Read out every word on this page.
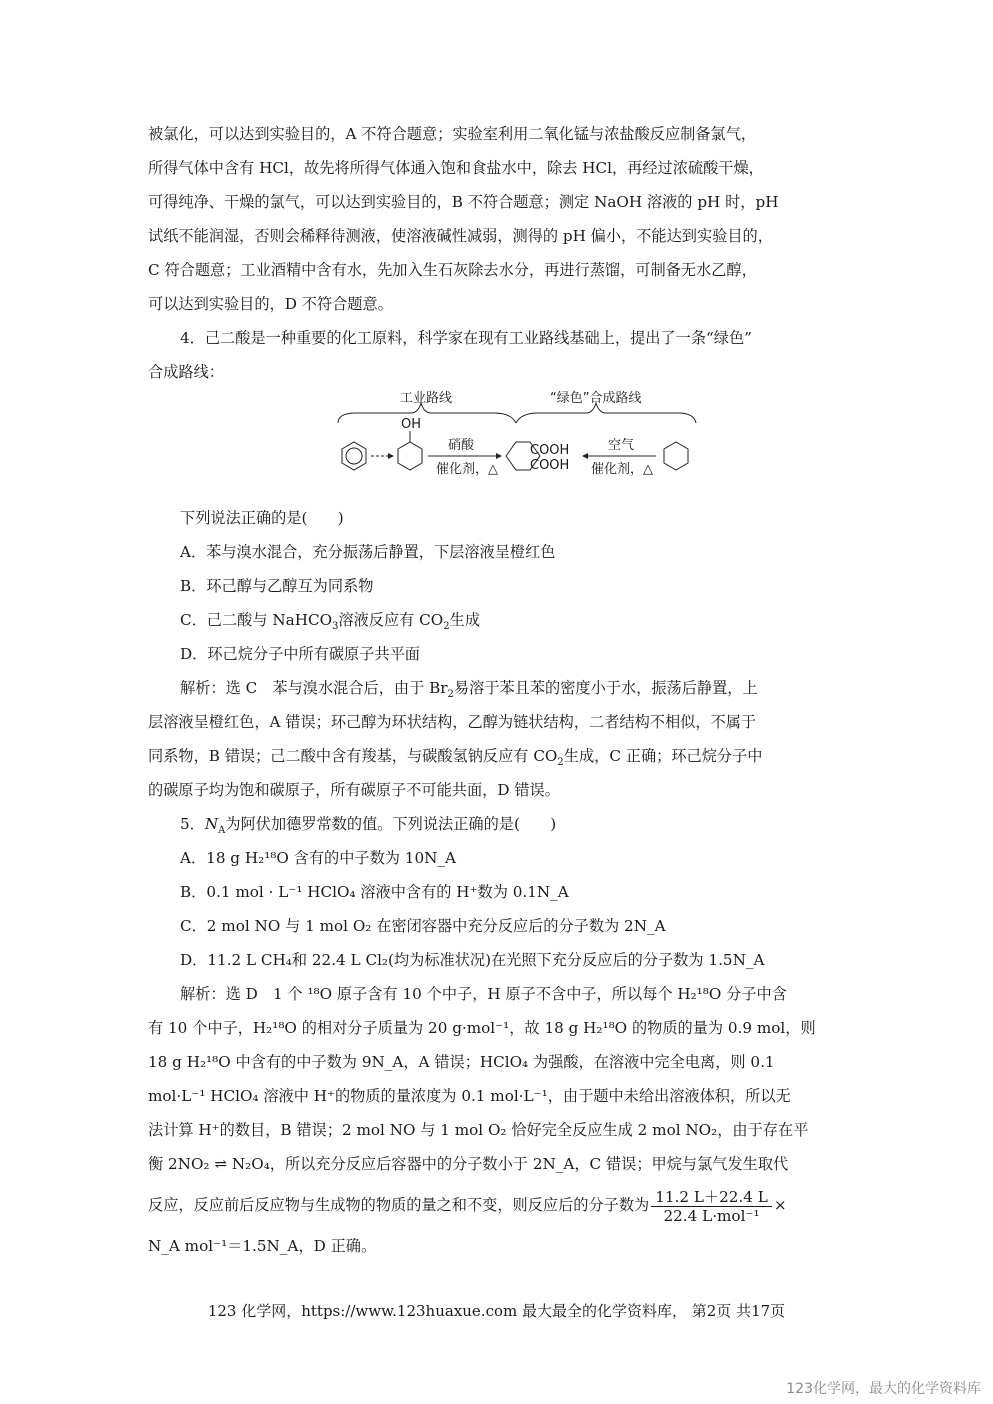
被氯化，可以达到实验目的，A 不符合题意；实验室利用二氧化锰与浓盐酸反应制备氯气，
所得气体中含有 HCl，故先将所得气体通入饱和食盐水中，除去 HCl，再经过浓硫酸干燥，
可得纯净、干燥的氯气，可以达到实验目的，B 不符合题意；测定 NaOH 溶液的 pH 时，pH
试纸不能润湿，否则会稀释待测液，使溶液碱性减弱，测得的 pH 偏小，不能达到实验目的，
C 符合题意；工业酒精中含有水，先加入生石灰除去水分，再进行蒸馏，可制备无水乙醇，
可以达到实验目的，D 不符合题意。
4．己二酸是一种重要的化工原料，科学家在现有工业路线基础上，提出了一条“绿色”
合成路线：
OH
硝酸
催化剂，△
COOH
COOH
空气
催化剂，△
工业路线	“绿色”合成路线
下列说法正确的是(　　)
A．苯与溴水混合，充分振荡后静置，下层溶液呈橙红色
B．环己醇与乙醇互为同系物
C．己二酸与 NaHCO$_3$溶液反应有 $CO_2$生成
D．环己烷分子中所有碳原子共平面
解析：选 C　苯与溴水混合后，由于 $Br_2$易溶于苯且苯的密度小于水，振荡后静置，上
层溶液呈橙红色，A 错误；环己醇为环状结构，乙醇为链状结构，二者结构不相似，不属于
同系物，B 错误；己二酸中含有羧基，与碳酸氢钠反应有 $CO_2$生成，C 正确；环己烷分子中
的碳原子均为饱和碳原子，所有碳原子不可能共面，D 错误。
5．$N_A$为阿伏加德罗常数的值。下列说法正确的是(　　)
A．18 g H₂¹⁸O 含有的中子数为 10N_A
B．0.1 mol · L⁻¹ HClO₄ 溶液中含有的 H⁺数为 0.1N_A
C．2 mol NO 与 1 mol O₂ 在密闭容器中充分反应后的分子数为 2N_A
D．11.2 L CH₄和 22.4 L Cl₂(均为标准状况)在光照下充分反应后的分子数为 1.5N_A
解析：选 D　1 个 ¹⁸O 原子含有 10 个中子，H 原子不含中子，所以每个 H₂¹⁸O 分子中含
有 10 个中子，H₂¹⁸O 的相对分子质量为 20 g·mol⁻¹，故 18 g H₂¹⁸O 的物质的量为 0.9 mol，则
18 g H₂¹⁸O 中含有的中子数为 9N_A，A 错误；HClO₄ 为强酸，在溶液中完全电离，则 0.1
mol·L⁻¹ HClO₄ 溶液中 H⁺的物质的量浓度为 0.1 mol·L⁻¹，由于题中未给出溶液体积，所以无
法计算 H⁺的数目，B 错误；2 mol NO 与 1 mol O₂ 恰好完全反应生成 2 mol NO₂，由于存在平
衡 2NO₂ ⇌ N₂O₄，所以充分反应后容器中的分子数小于 2N_A，C 错误；甲烷与氯气发生取代
反应，反应前后反应物与生成物的物质的量之和不变，则反应后的分子数为 $\frac{11.2 L+22.4 L}{\text{22.4 L·mol⁻¹}}$ ×
N_A mol⁻¹＝1.5N_A，D 正确。
123 化学网，https://www.123huaxue.com 最大最全的化学资料库， 第2页 共17页
123化学网，最大的化学资料库
